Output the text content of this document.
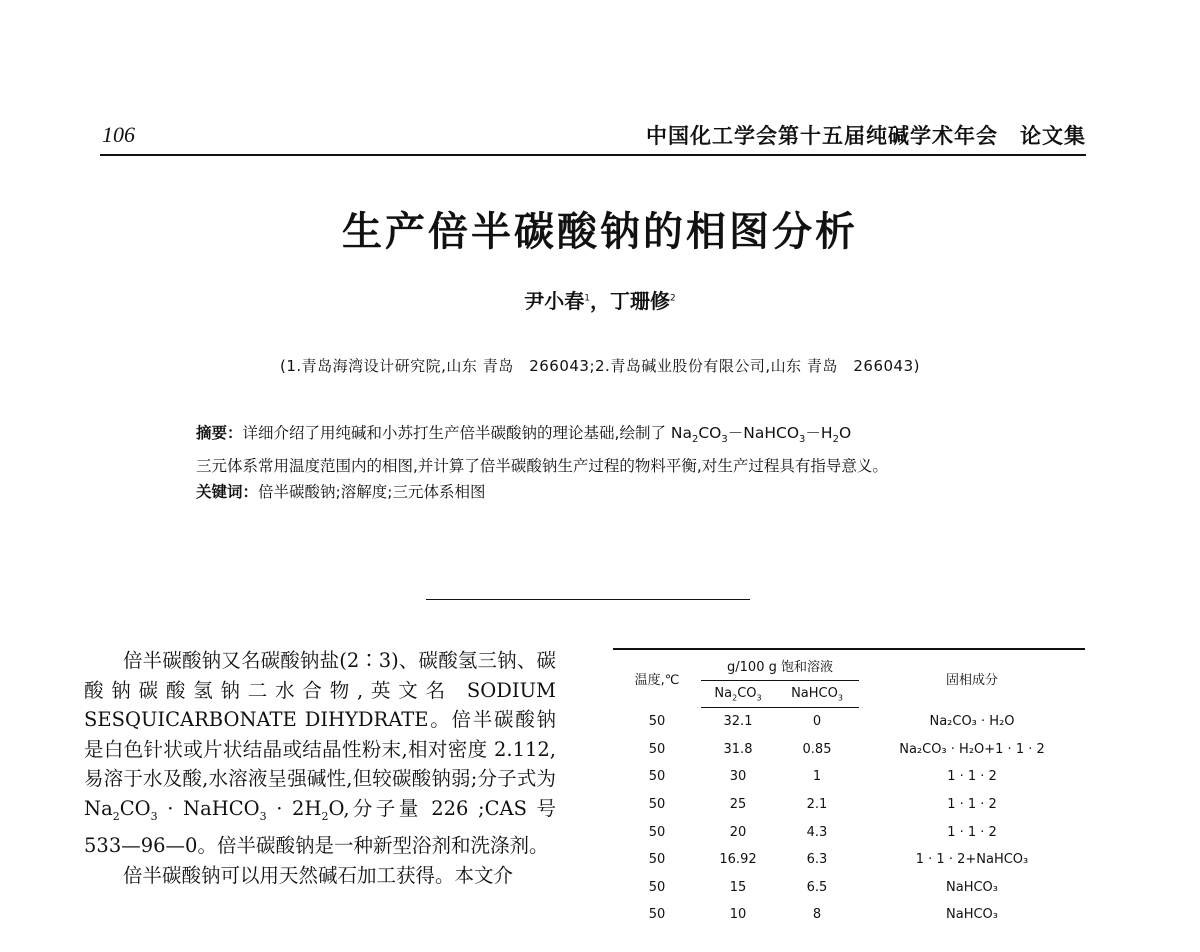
106	中国化工学会第十五届纯碱学术年会　论文集
生产倍半碳酸钠的相图分析
尹小春$^1$，丁珊修$^2$
(1.青岛海湾设计研究院,山东 青岛　266043;2.青岛碱业股份有限公司,山东 青岛　266043)

摘要：详细介绍了用纯碱和小苏打生产倍半碳酸钠的理论基础,绘制了 $Na_2CO_3-NaHCO_3-H_2O$
三元体系常用温度范围内的相图,并计算了倍半碳酸钠生产过程的物料平衡,对生产过程具有指导意义。

关键词：倍半碳酸钠;溶解度;三元体系相图

倍半碳酸钠又名碳酸钠盐(2∶3)、碳酸氢三钠、碳酸钠碳酸氢钠二水合物,英文名 SODIUM SESQUICARBONATE DIHYDRATE。倍半碳酸钠是白色针状或片状结晶或结晶性粉末,相对密度 2.112,易溶于水及酸,水溶液呈强碱性,但较碳酸钠弱;分子式为 $Na_2CO_3$ · NaHCO$_3$ · $2H_2O$,分子量 226 ;CAS 号 533—96—0。倍半碳酸钠是一种新型浴剂和洗涤剂。

倍半碳酸钠可以用天然碱石加工获得。本文介

温度,℃	g/100 g 饱和溶液		固相成分
	$Na_2CO_3$	NaHCO$_3$
50	32.1	0	Na₂CO₃ · H₂O
50	31.8	0.85	Na₂CO₃ · H₂O+1 · 1 · 2
50	30	1	1 · 1 · 2
50	25	2.1	1 · 1 · 2
50	20	4.3	1 · 1 · 2
50	16.92	6.3	1 · 1 · 2+NaHCO₃
50	15	6.5	NaHCO₃
50	10	8	NaHCO₃
